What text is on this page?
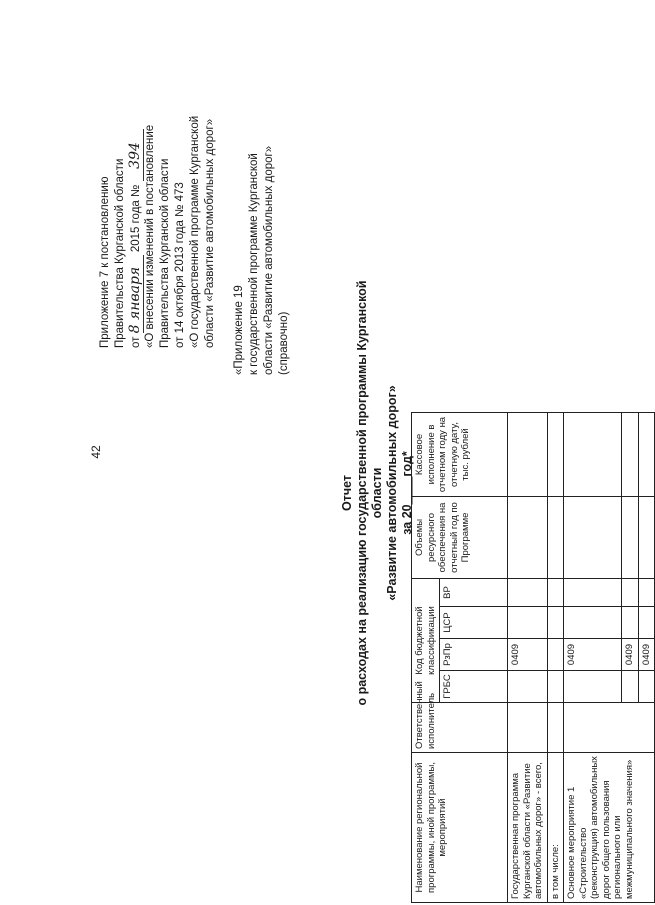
42
Приложение 7 к постановлению Правительства Курганской области от 8 января 2015 года № 394 «О внесении изменений в постановление Правительства Курганской области от 14 октября 2013 года № 473 «О государственной программе Курганской области «Развитие автомобильных дорог» «Приложение 19 к государственной программе Курганской области «Развитие автомобильных дорог» (справочно)
Отчет о расходах на реализацию государственной программы Курганской области «Развитие автомобильных дорог» за 20____год*
Наименование региональной программы, иной программы, мероприятий	Ответственный исполнитель	Код бюджетной классификации				Объемы ресурсного обеспечения на отчетный год по Программе	Кассовое исполнение в отчетном году на отчетную дату, тыс. рублей
		ГРБС	РзПр	ЦСР	ВР		
Государственная программа Курганской области «Развитие автомобильных дорог» - всего,			0409				
в том числе:							
Основное мероприятие 1 «Строительство (реконструкция) автомобильных дорог общего пользования регионального или межмуниципального значения»			0409				
			0409				
			0409				
